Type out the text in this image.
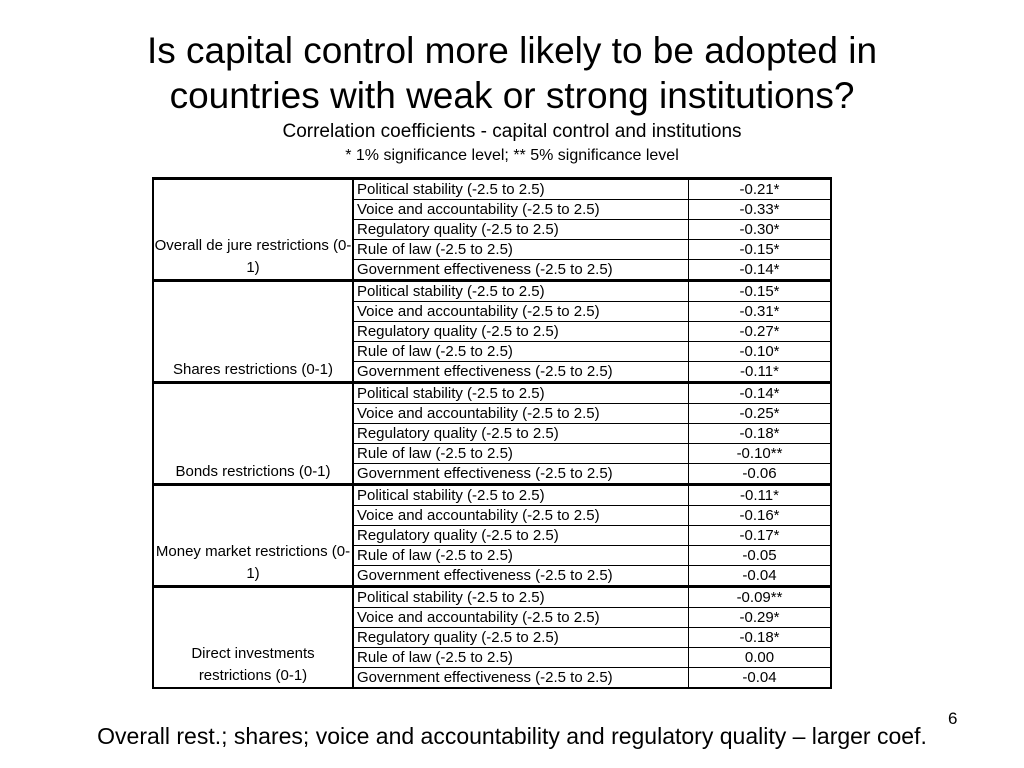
Is capital control more likely to be adopted in
countries with weak or strong institutions?
Correlation coefficients - capital control and institutions
* 1% significance level; ** 5% significance level
Overall de jure restrictions (0-1)	Political stability (-2.5 to 2.5)	-0.21*
	Voice and accountability (-2.5 to 2.5)	-0.33*
	Regulatory quality (-2.5 to 2.5)	-0.30*
	Rule of law (-2.5 to 2.5)	-0.15*
	Government effectiveness (-2.5 to 2.5)	-0.14*
Shares restrictions (0-1)	Political stability (-2.5 to 2.5)	-0.15*
	Voice and accountability (-2.5 to 2.5)	-0.31*
	Regulatory quality (-2.5 to 2.5)	-0.27*
	Rule of law (-2.5 to 2.5)	-0.10*
	Government effectiveness (-2.5 to 2.5)	-0.11*
Bonds restrictions (0-1)	Political stability (-2.5 to 2.5)	-0.14*
	Voice and accountability (-2.5 to 2.5)	-0.25*
	Regulatory quality (-2.5 to 2.5)	-0.18*
	Rule of law (-2.5 to 2.5)	-0.10**
	Government effectiveness (-2.5 to 2.5)	-0.06
Money market restrictions (0-1)	Political stability (-2.5 to 2.5)	-0.11*
	Voice and accountability (-2.5 to 2.5)	-0.16*
	Regulatory quality (-2.5 to 2.5)	-0.17*
	Rule of law (-2.5 to 2.5)	-0.05
	Government effectiveness (-2.5 to 2.5)	-0.04
Direct investments restrictions (0-1)	Political stability (-2.5 to 2.5)	-0.09**
	Voice and accountability (-2.5 to 2.5)	-0.29*
	Regulatory quality (-2.5 to 2.5)	-0.18*
	Rule of law (-2.5 to 2.5)	0.00
	Government effectiveness (-2.5 to 2.5)	-0.04
6
Overall rest.; shares; voice and accountability and regulatory quality – larger coef.
